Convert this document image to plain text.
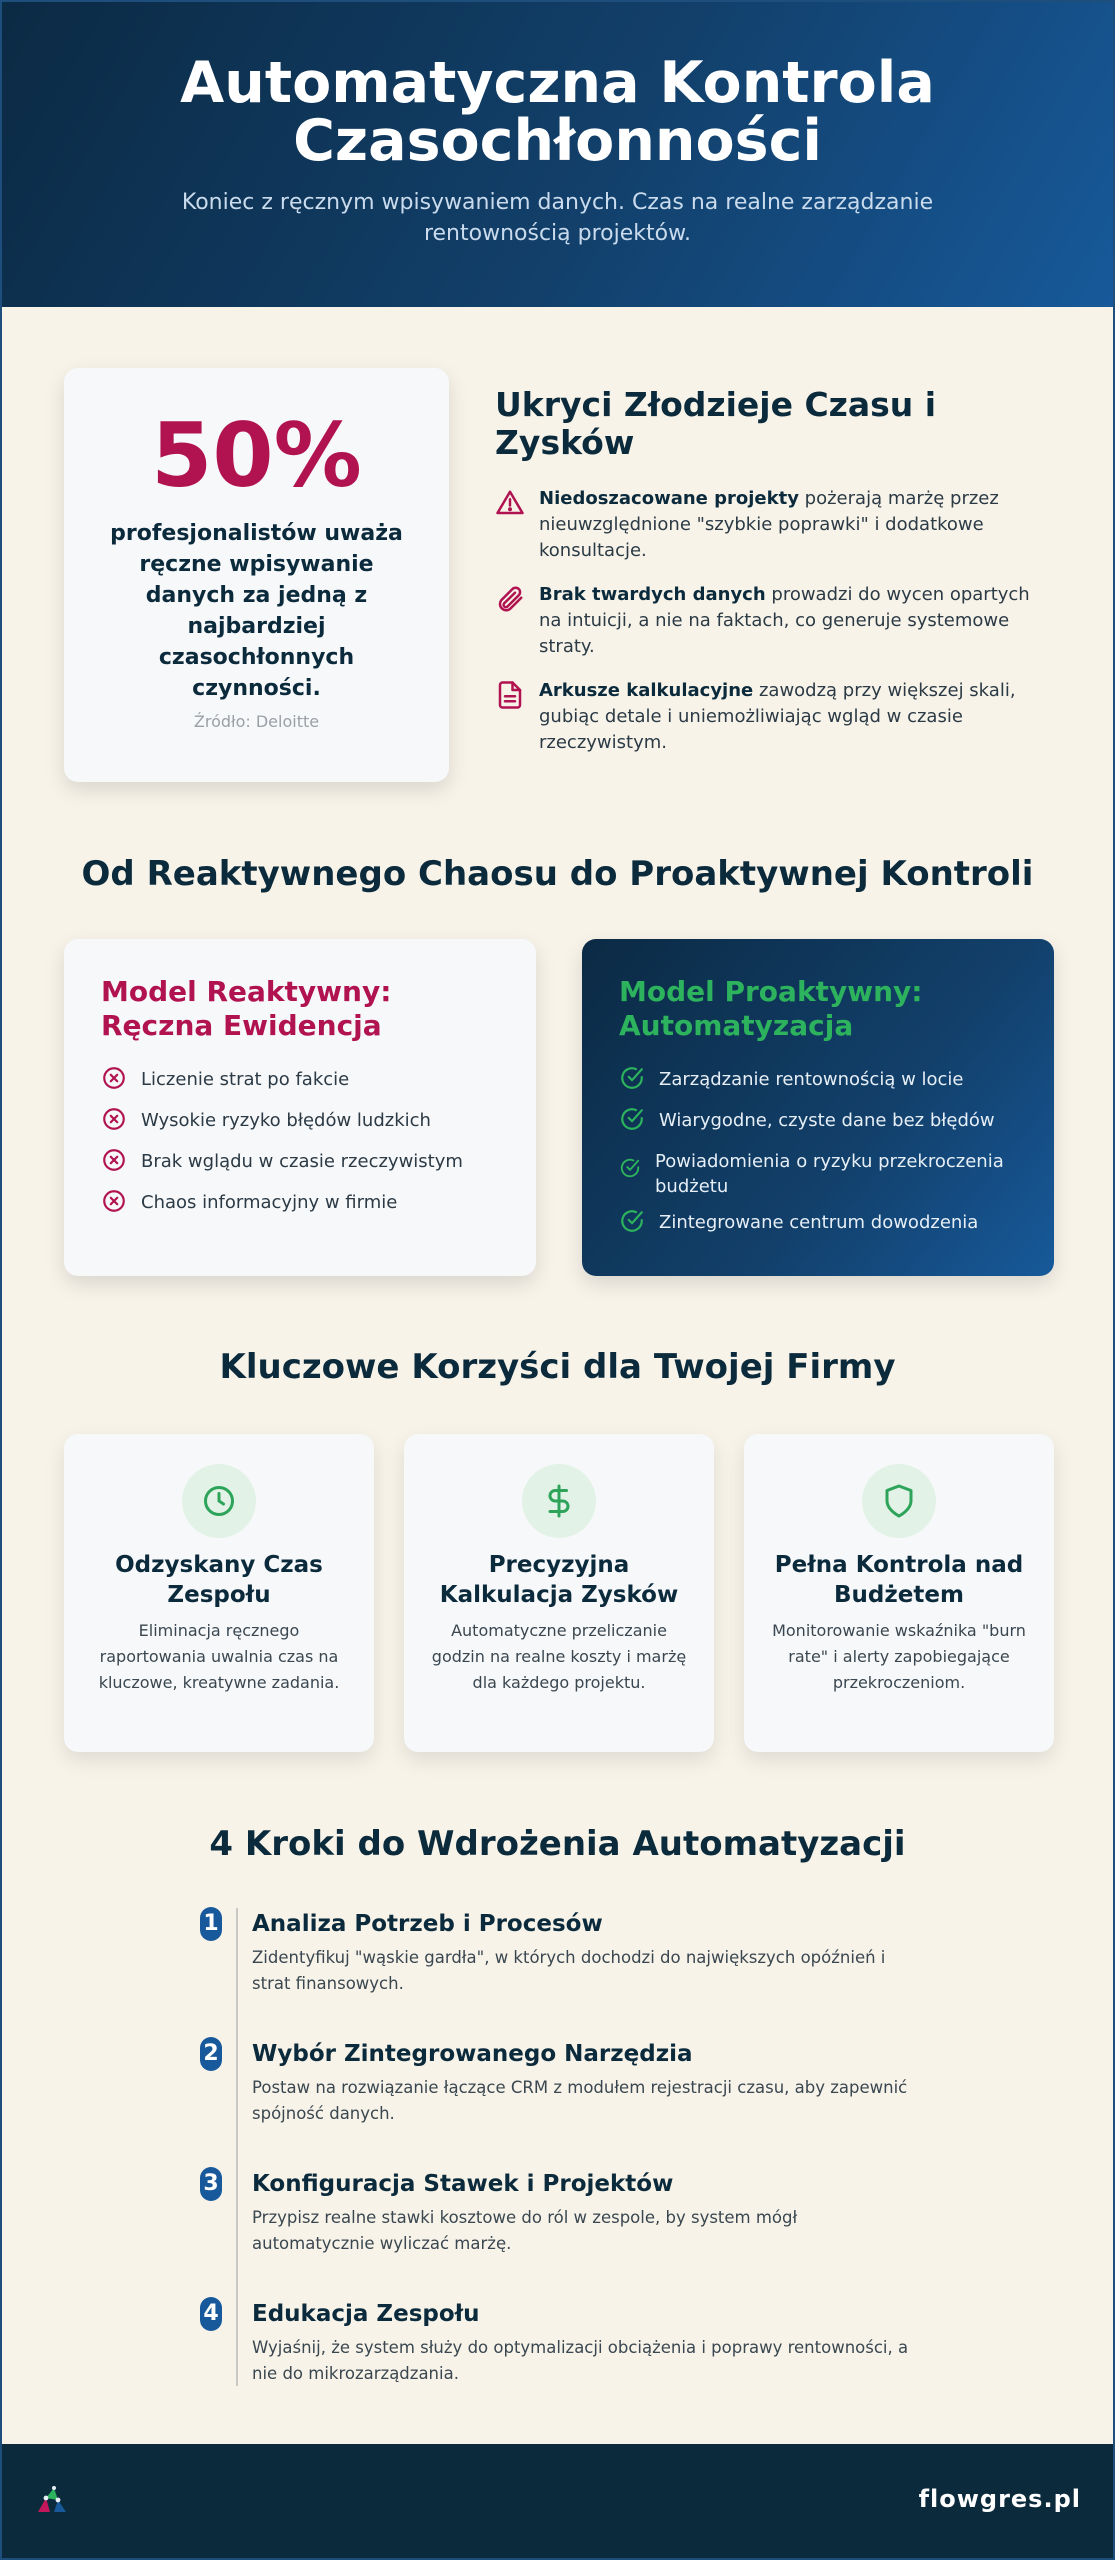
Automatyczna Kontrola Czasochłonności

Koniec z ręcznym wpisywaniem danych. Czas na realne zarządzanie rentownością projektów.

50%
profesjonalistów uważa ręczne wpisywanie danych za jedną z najbardziej czasochłonnych czynności.
Źródło: Deloitte
Ukryci Złodzieje Czasu i Zysków
Niedoszacowane projekty pożerają marżę przez nieuwzględnione "szybkie poprawki" i dodatkowe konsultacje.
Brak twardych danych prowadzi do wycen opartych na intuicji, a nie na faktach, co generuje systemowe straty.
Arkusze kalkulacyjne zawodzą przy większej skali, gubiąc detale i uniemożliwiając wgląd w czasie rzeczywistym.
Od Reaktywnego Chaosu do Proaktywnej Kontroli
Model Reaktywny: Ręczna Ewidencja
Liczenie strat po fakcie
Wysokie ryzyko błędów ludzkich
Brak wglądu w czasie rzeczywistym
Chaos informacyjny w firmie
Model Proaktywny: Automatyzacja
Zarządzanie rentownością w locie
Wiarygodne, czyste dane bez błędów
Powiadomienia o ryzyku przekroczenia budżetu
Zintegrowane centrum dowodzenia
Kluczowe Korzyści dla Twojej Firmy
Odzyskany Czas Zespołu
Eliminacja ręcznego raportowania uwalnia czas na kluczowe, kreatywne zadania.
Precyzyjna Kalkulacja Zysków
Automatyczne przeliczanie godzin na realne koszty i marżę dla każdego projektu.
Pełna Kontrola nad Budżetem
Monitorowanie wskaźnika "burn rate" i alerty zapobiegające przekroczeniom.
4 Kroki do Wdrożenia Automatyzacji
1 Analiza Potrzeb i Procesów
Zidentyfikuj "wąskie gardła", w których dochodzi do największych opóźnień i strat finansowych.
2 Wybór Zintegrowanego Narzędzia
Postaw na rozwiązanie łączące CRM z modułem rejestracji czasu, aby zapewnić spójność danych.
3 Konfiguracja Stawek i Projektów
Przypisz realne stawki kosztowe do ról w zespole, by system mógł automatycznie wyliczać marżę.
4 Edukacja Zespołu
Wyjaśnij, że system służy do optymalizacji obciążenia i poprawy rentowności, a nie do mikrozarządzania.
flowgres.pl
